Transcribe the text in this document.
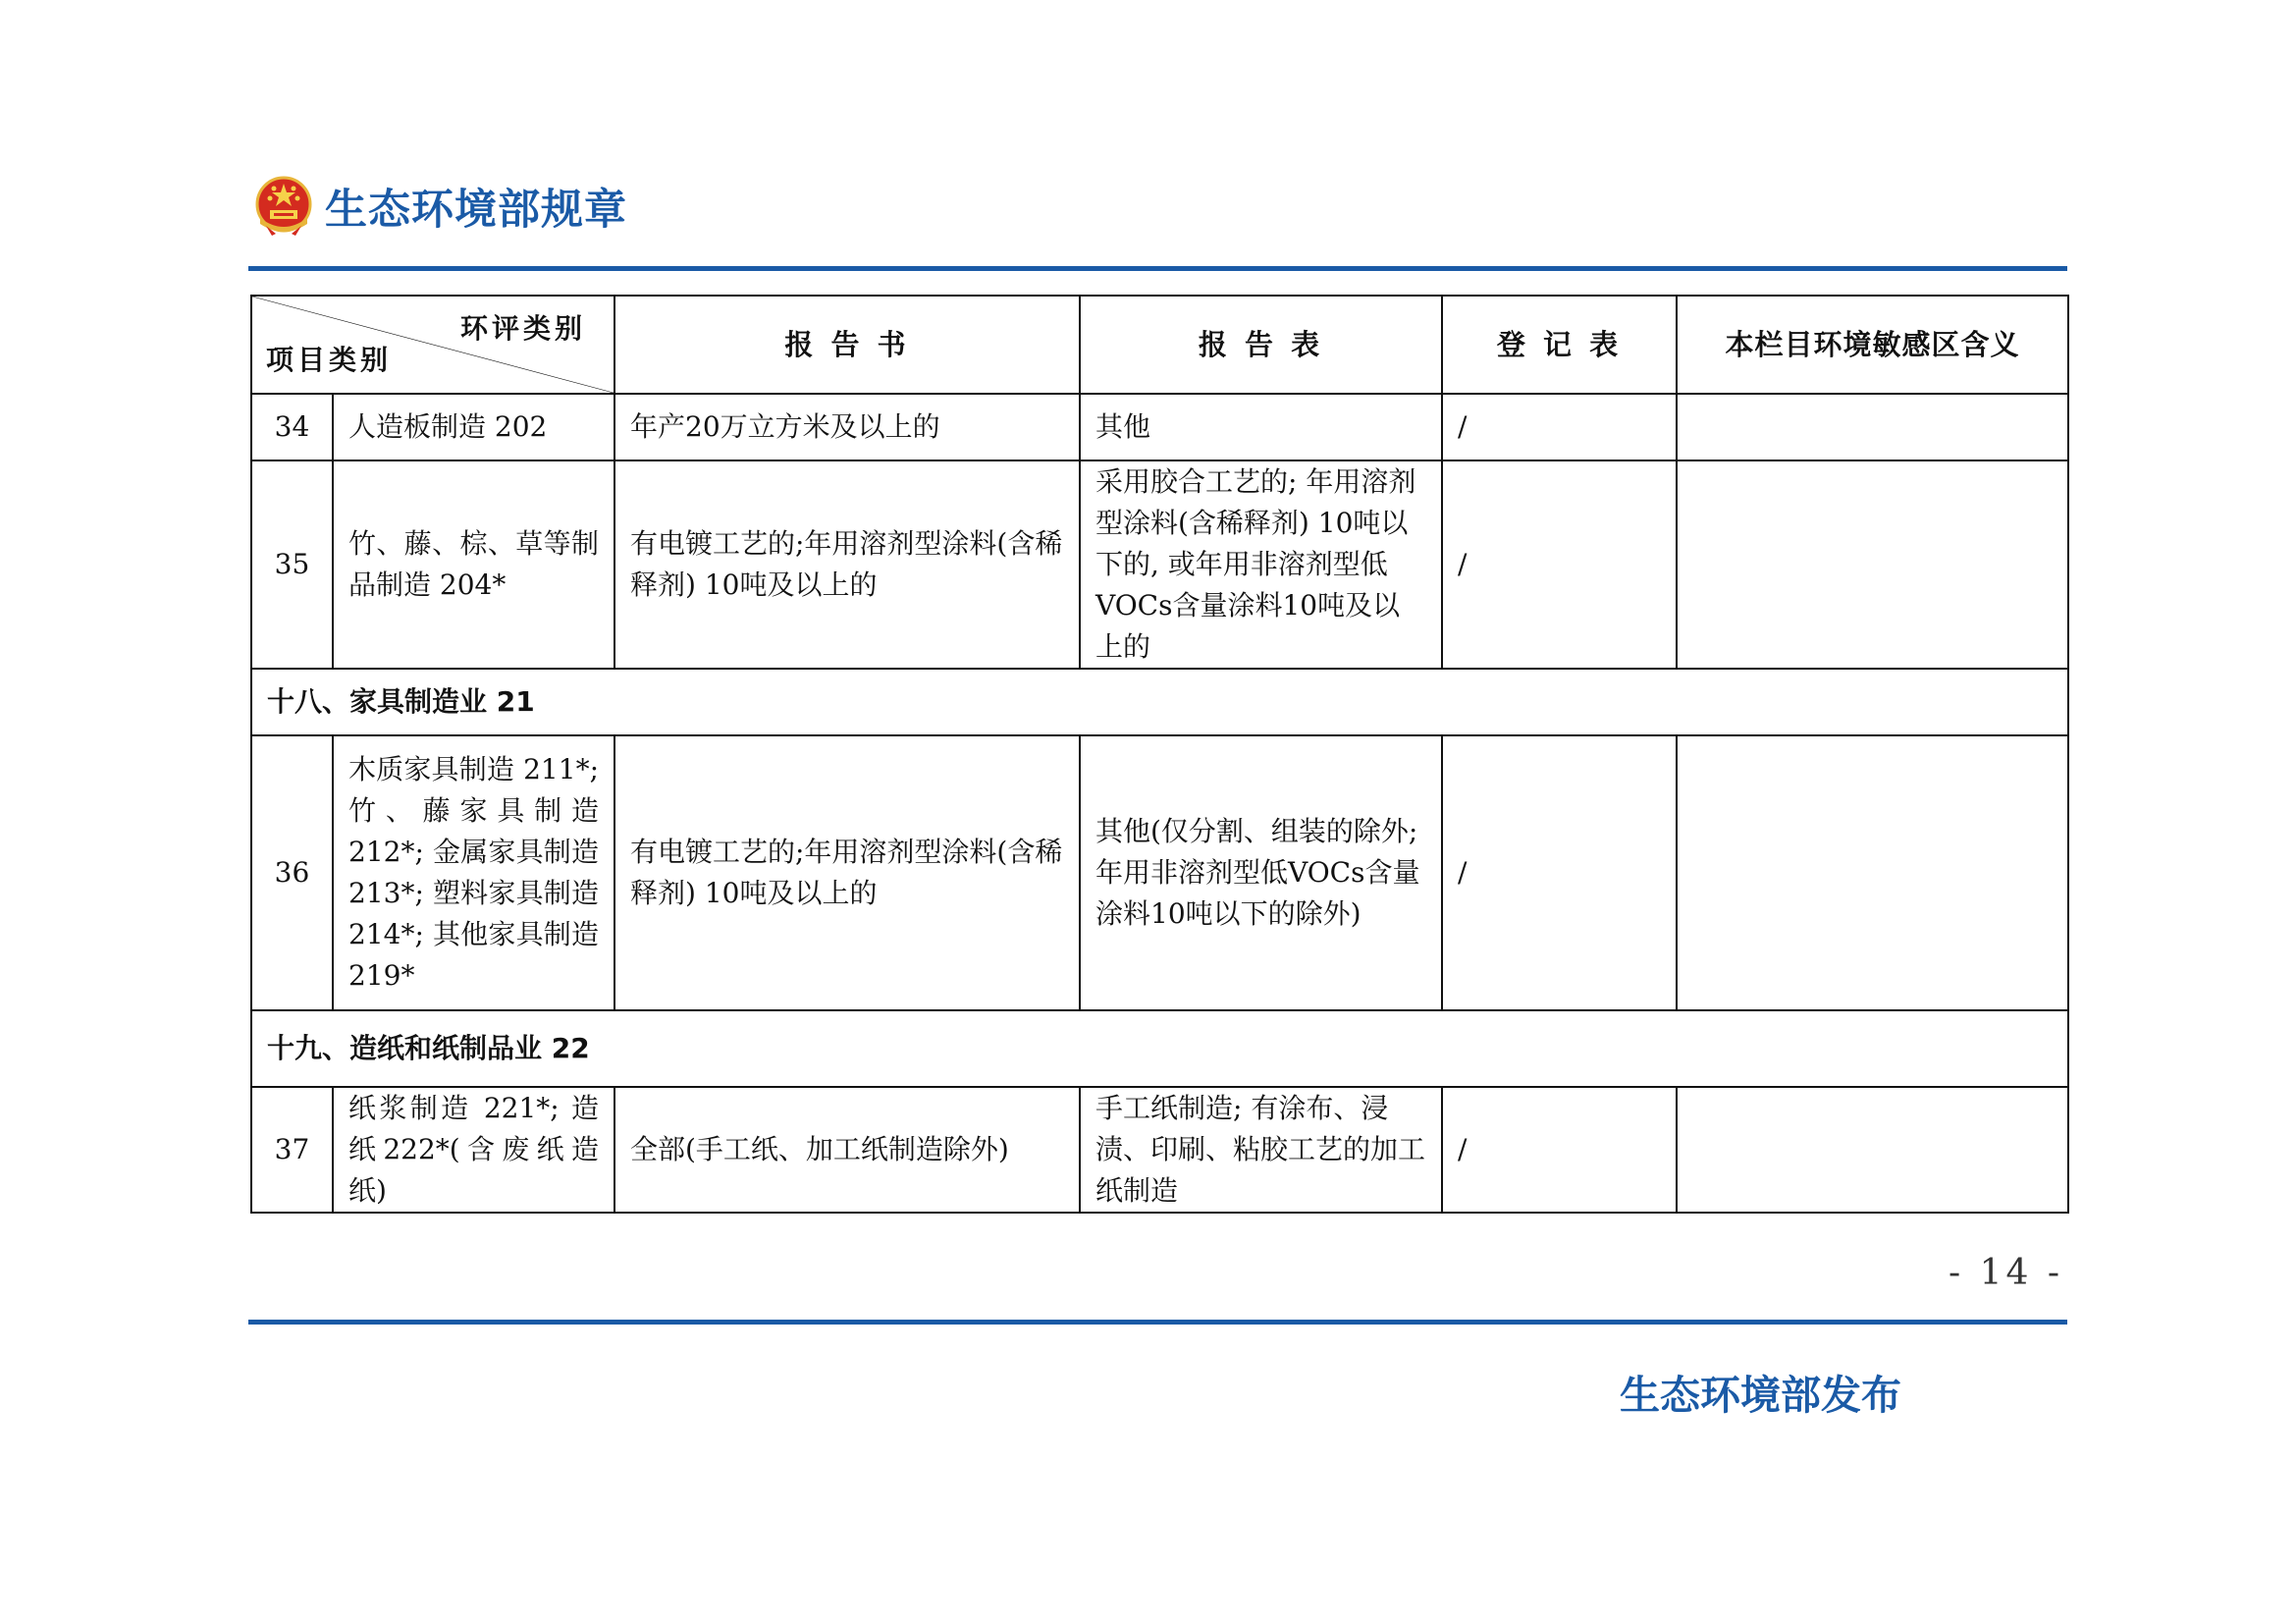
生态环境部规章
环评类别
项目类别		报 告 书	报 告 表	登 记 表	本栏目环境敏感区含义
34	人造板制造 202	年产20万立方米及以上的	其他	/	
35	竹、藤、棕、草等制品制造 204*	有电镀工艺的;年用溶剂型涂料(含稀释剂) 10吨及以上的	采用胶合工艺的; 年用溶剂型涂料(含稀释剂) 10吨以下的, 或年用非溶剂型低VOCs含量涂料10吨及以上的	/	
十八、家具制造业 21					
36	木质家具制造 211*; 竹、藤家具制造 212*; 金属家具制造 213*; 塑料家具制造 214*; 其他家具制造 219*	有电镀工艺的;年用溶剂型涂料(含稀释剂) 10吨及以上的	其他(仅分割、组装的除外; 年用非溶剂型低VOCs含量涂料10吨以下的除外)	/	
十九、造纸和纸制品业 22					
37	纸浆制造 221*; 造纸222*(含废纸造纸)	全部(手工纸、加工纸制造除外)	手工纸制造; 有涂布、浸渍、印刷、粘胶工艺的加工纸制造	/	
- 14 -
生态环境部发布
